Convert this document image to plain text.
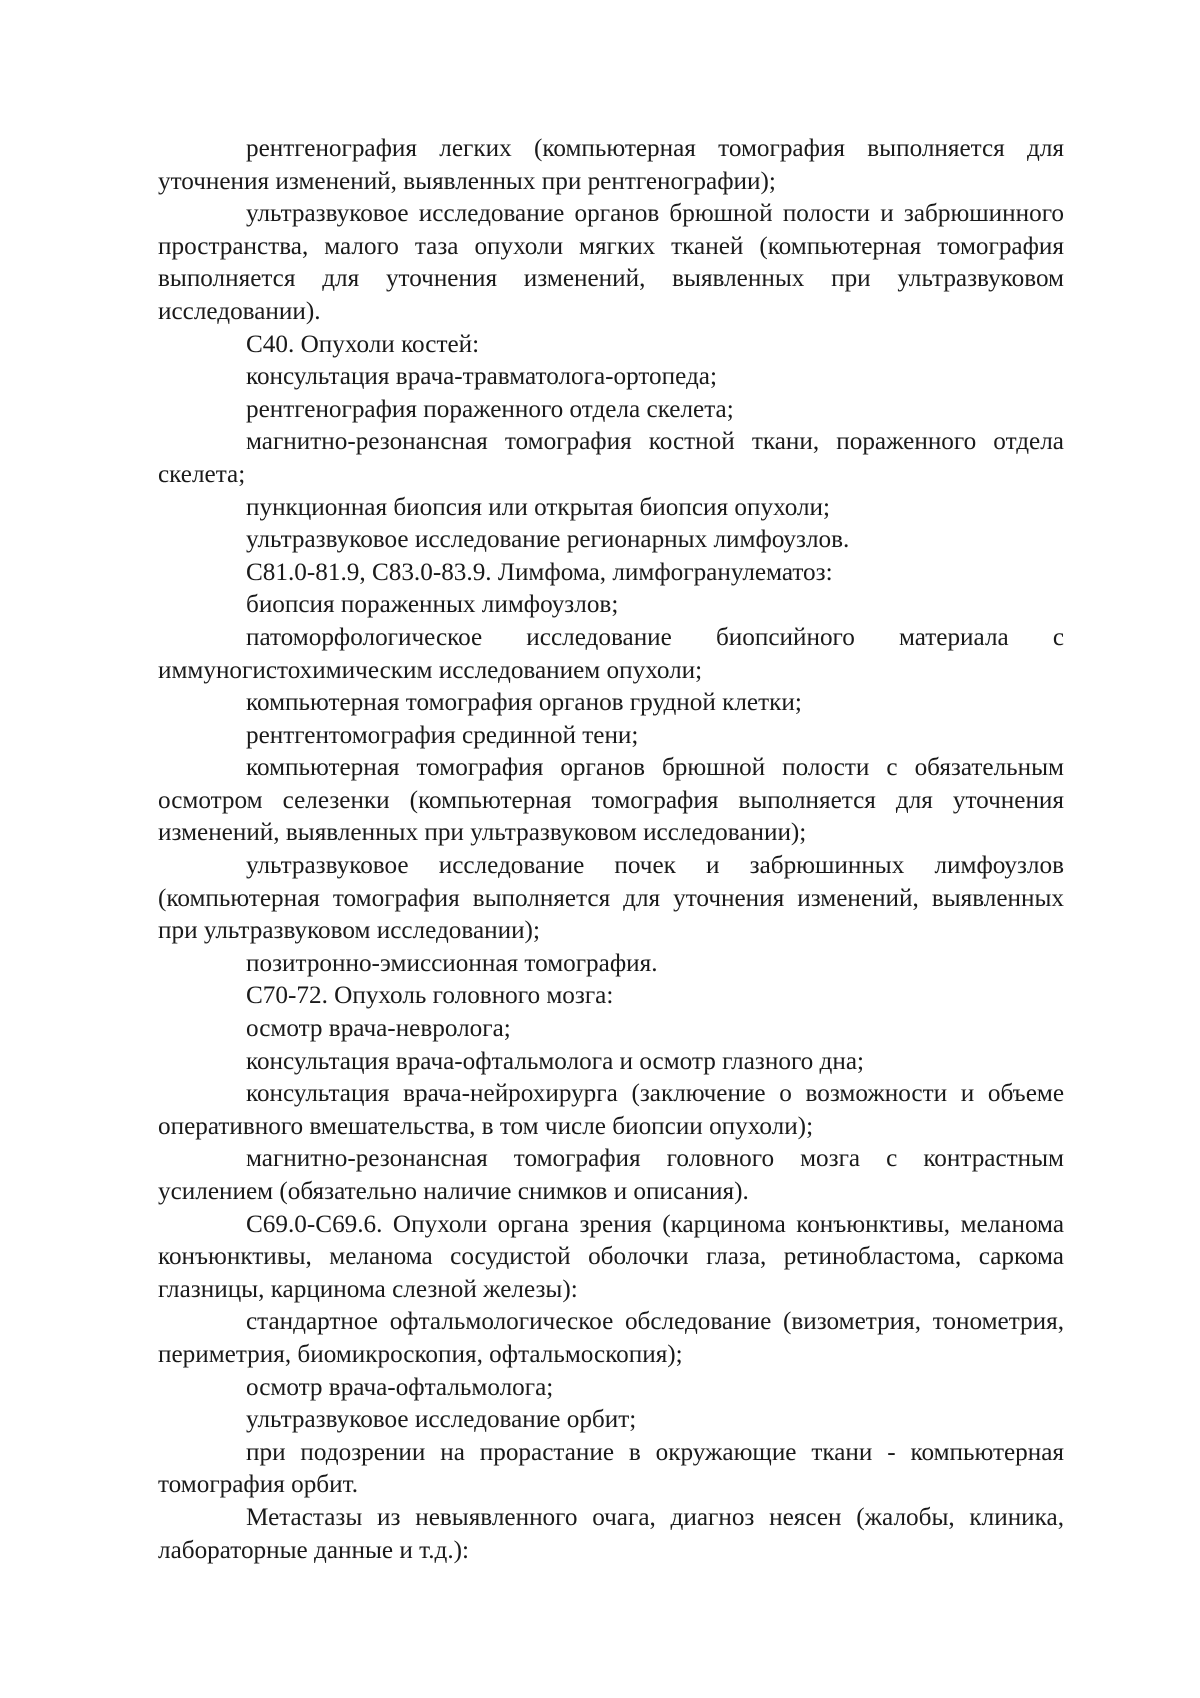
рентгенография легких (компьютерная томография выполняется для уточнения изменений, выявленных при рентгенографии);

ультразвуковое исследование органов брюшной полости и забрюшинного пространства, малого таза опухоли мягких тканей (компьютерная томография выполняется для уточнения изменений, выявленных при ультразвуковом исследовании).

С40. Опухоли костей:

консультация врача-травматолога-ортопеда;

рентгенография пораженного отдела скелета;

магнитно-резонансная томография костной ткани, пораженного отдела скелета;

пункционная биопсия или открытая биопсия опухоли;

ультразвуковое исследование регионарных лимфоузлов.

С81.0-81.9, С83.0-83.9. Лимфома, лимфогранулематоз:

биопсия пораженных лимфоузлов;

патоморфологическое исследование биопсийного материала с иммуногистохимическим исследованием опухоли;

компьютерная томография органов грудной клетки;

рентгентомография срединной тени;

компьютерная томография органов брюшной полости с обязательным осмотром селезенки (компьютерная томография выполняется для уточнения изменений, выявленных при ультразвуковом исследовании);

ультразвуковое исследование почек и забрюшинных лимфоузлов (компьютерная томография выполняется для уточнения изменений, выявленных при ультразвуковом исследовании);

позитронно-эмиссионная томография.

С70-72. Опухоль головного мозга:

осмотр врача-невролога;

консультация врача-офтальмолога и осмотр глазного дна;

консультация врача-нейрохирурга (заключение о возможности и объеме оперативного вмешательства, в том числе биопсии опухоли);

магнитно-резонансная томография головного мозга с контрастным усилением (обязательно наличие снимков и описания).

С69.0-С69.6. Опухоли органа зрения (карцинома конъюнктивы, меланома конъюнктивы, меланома сосудистой оболочки глаза, ретинобластома, саркома глазницы, карцинома слезной железы):

стандартное офтальмологическое обследование (визометрия, тонометрия, периметрия, биомикроскопия, офтальмоскопия);

осмотр врача-офтальмолога;

ультразвуковое исследование орбит;

при подозрении на прорастание в окружающие ткани - компьютерная томография орбит.

Метастазы из невыявленного очага, диагноз неясен (жалобы, клиника, лабораторные данные и т.д.):
